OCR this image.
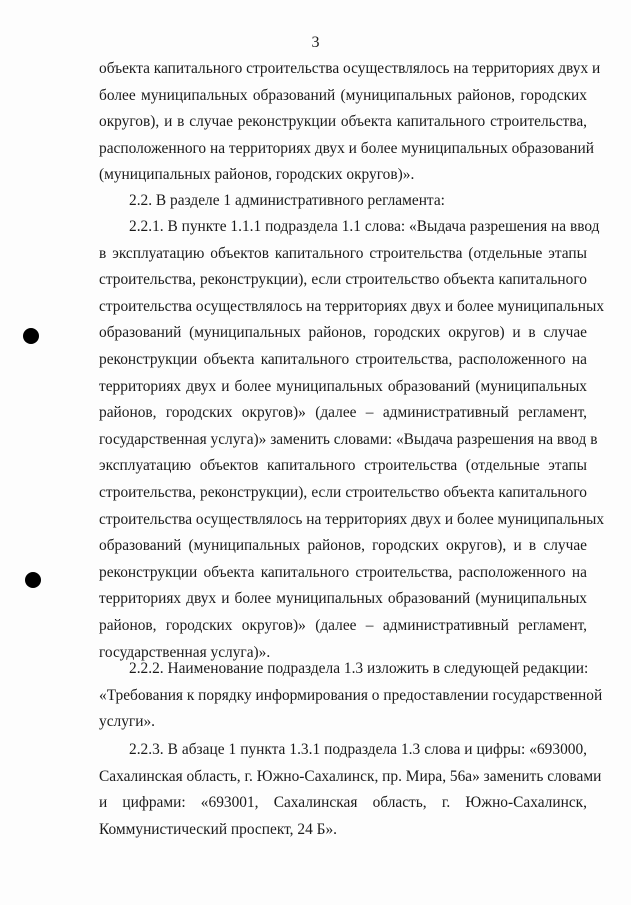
3
объекта капитального строительства осуществлялось на территориях двух и
более муниципальных образований (муниципальных районов, городских
округов), и в случае реконструкции объекта капитального строительства,
расположенного на территориях двух и более муниципальных образований
(муниципальных районов, городских округов)».
2.2. В разделе 1 административного регламента:
2.2.1. В пункте 1.1.1 подраздела 1.1 слова: «Выдача разрешения на ввод
в эксплуатацию объектов капитального строительства (отдельные этапы
строительства, реконструкции), если строительство объекта капитального
строительства осуществлялось на территориях двух и более муниципальных
образований (муниципальных районов, городских округов) и в случае
реконструкции объекта капитального строительства, расположенного на
территориях двух и более муниципальных образований (муниципальных
районов, городских округов)» (далее – административный регламент,
государственная услуга)» заменить словами: «Выдача разрешения на ввод в
эксплуатацию объектов капитального строительства (отдельные этапы
строительства, реконструкции), если строительство объекта капитального
строительства осуществлялось на территориях двух и более муниципальных
образований (муниципальных районов, городских округов), и в случае
реконструкции объекта капитального строительства, расположенного на
территориях двух и более муниципальных образований (муниципальных
районов, городских округов)» (далее – административный регламент,
государственная услуга)».
2.2.2. Наименование подраздела 1.3 изложить в следующей редакции:
«Требования к порядку информирования о предоставлении государственной
услуги».
2.2.3. В абзаце 1 пункта 1.3.1 подраздела 1.3 слова и цифры: «693000,
Сахалинская область, г. Южно-Сахалинск, пр. Мира, 56а» заменить словами
и цифрами: «693001, Сахалинская область, г. Южно-Сахалинск,
Коммунистический проспект, 24 Б».
